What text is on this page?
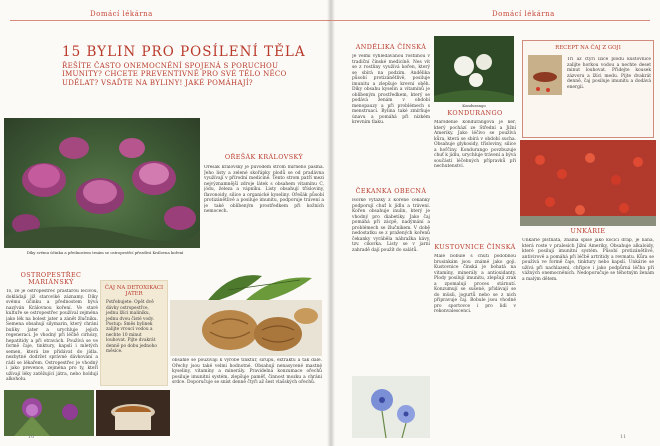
Domácí lékárna
15 BYLIN PRO POSÍLENÍ TĚLA
ŘEŠÍTE ČASTO ONEMOCNĚNÍ SPOJENÁ S PORUCHOU IMUNITY? CHCETE PREVENTIVNĚ PRO SVÉ TĚLO NĚCO UDĚLAT? VSAĎTE NA BYLINY! JAKÉ POMÁHAJÍ?
Díky svému účinku a přednostem trnám se ostropestřcí přezdívá Královna koření
OŘEŠÁK KRÁLOVSKÝ
Ořešák královský je původem strom mírného pásma. Jeho listy a zelené skořápky plodů se od pradávna využívají v přírodní medicíně. Tento strom patří mezi nejvýznamnější zdroje látek s obsahem vitamínu C, jódu, železa a vápníku. Listy obsahují třísloviny, flavonoidy, silice a organické kyseliny. Ořešák působí protizánětlivě a posiluje imunitu, podporuje trávení a je také oblíbeným prostředkem při kožních nemocech.
OSTROPESTŘEC MARIÁNSKÝ
To, že je ostropestřec prastarou léčivou, dokládají již staroviké záznamy. Díky svému účinku a přednostem bývá nazýván Královnou koření. Ve staré kultuře se ostropestřec používal zejména jako lék na bolest jater a zánět žlučníku. Semena obsahují silymarin, který chrání buňky jater a urychluje jejich regeneraci. Je vhodný při léčbě cirhózy, hepatitidy a při otravách. Používá se ve formě čaje, tinktury, kapslí i mletých semen, která lze přidávat do jídla. nezbytné dodržet správné dávkování a rádí se lékařem. Ostropestřec je vhodný i jako prevence, zejména pro ty, kteří užívají léky zatěžující játra, nebo holdují alkoholu.
ČAJ NA DETOXIKACI JATER
Potřebujete: Opět dvě dávky ostropestřce, jednu lžíci maliníku, jednu dvou čisté vody. Postup: Směs bylinek zalijte vroucí vodou a nechte 10 minut louhovat. Pijte dvakrát denně po dobu jednoho měsíce.
obsáhle se používají k výrobě tinktur, sirupů, extraktů a tak dále. Ořechy jsou také velmi hodnotné. Obsahují nenasycené mastné kyseliny, vitamíny a minerály. Pravidelná konzumace ořechů posiluje imunitní systém, zlepšuje paměť, činnost mozku a chrání srdce. Doporučuje se sníst denně čtyři až šest vlašských ořechů.
10
Domácí lékárna
ANDĚLIKA ČÍNSKÁ
Je velmi vyhledávanou rostlinou v tradiční čínské medicíně. Nes vit se z rostliny využívá kořen, který se sbírá na podzim. Andělika působí protizánětlivě, posiluje imunitu a zlepšuje krevní oběh. Díky obsahu kyselin a vitamínů je oblíbeným prostředkem, který se podává ženám v období menopauzy a při problémech s menstruací. Bylina také zmírňuje únavu a pomáhá při nízkém krevním tlaku.
Kondurango
KONDURANGO
Marsdénie kondurangová je keř, který pochází ze Střední a Jižní Ameriky. Jako léčivo se používá kůra, která se sbírá v období sucha. Obsahuje glykosidy, třísloviny, silice a hořčiny. Kondurango povzbuzuje chuť k jídlu, urychluje trávení a bývá součástí léčebných přípravků při nechutenství.
ČEKANKA OBECNÁ
Hořké výtažky z kořene čekanky podporují chuť k jídlu a trávení. Kořen obsahuje inulin, který je vhodný pro diabetiky. Jako čaj pomáhá při zácpě, nadýmání a problémech se žlučníkem. V době nedostatku se z pražených kořenů čekanky vyráběla náhražka kávy, tzv. cikorka. Listy se v jarní zahradě dají použít do salátů.	KUSTOVNICE ČÍNSKÁ
Malé bobule s chutí podobnou brusinkám jsou známé jako goji. Kustovnice čínská je bohatá na vitamíny, minerály a antioxidanty. Plody posilují imunitu, zlepšují zrak a zpomalují proces stárnutí. Konzumují se sušené, přidávají se do müsli, jogurtů nebo se z nich připravuje čaj. Bobule jsou vhodné pro sportovce i pro lidi v rekonvalescenci.
RECEPT NA ČAJ Z GOJI
Tři až čtyři lžíce plodů kustovnice zalijte horkou vodou a nechte deset minut louhovat. Přidejte kousek zázvoru a lžíci medu. Pijte dvakrát denně, čaj posiluje imunitu a dodává energii.
UNKÁRIE
Unkárie plstnatá, známá spíše jako kočičí dráp, je liána, která roste v pralesích Jižní Ameriky. Obsahuje alkaloidy, které posilují imunitní systém. Působí protizánětlivě, antivirově a pomáhá při léčbě artritidy a revmatu. Kůra se používá ve formě čaje, tinktury nebo kapslí. Unkárie se užívá při nachlazení, chřipce i jako podpůrná léčba při vážných onemocněních. Nedoporučuje se těhotným ženám a malým dětem.
11
